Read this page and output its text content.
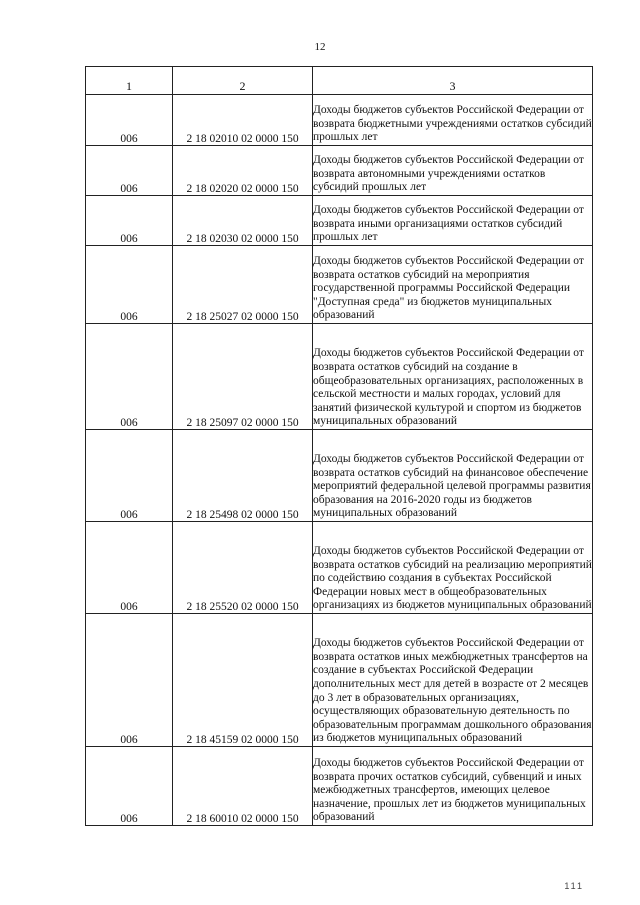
12
1	2	3
006	2 18 02010 02 0000 150	Доходы бюджетов субъектов Российской Федерации от возврата бюджетными учреждениями остатков субсидий прошлых лет
006	2 18 02020 02 0000 150	Доходы бюджетов субъектов Российской Федерации от возврата автономными учреждениями остатков субсидий прошлых лет
006	2 18 02030 02 0000 150	Доходы бюджетов субъектов Российской Федерации от возврата иными организациями остатков субсидий прошлых лет
006	2 18 25027 02 0000 150	Доходы бюджетов субъектов Российской Федерации от возврата остатков субсидий на мероприятия государственной программы Российской Федерации "Доступная среда" из бюджетов муниципальных образований
006	2 18 25097 02 0000 150	Доходы бюджетов субъектов Российской Федерации от возврата остатков субсидий на создание в общеобразовательных организациях, расположенных в сельской местности и малых городах, условий для занятий физической культурой и спортом из бюджетов муниципальных образований
006	2 18 25498 02 0000 150	Доходы бюджетов субъектов Российской Федерации от возврата остатков субсидий на финансовое обеспечение мероприятий федеральной целевой программы развития образования на 2016-2020 годы из бюджетов муниципальных образований
006	2 18 25520 02 0000 150	Доходы бюджетов субъектов Российской Федерации от возврата остатков субсидий на реализацию мероприятий по содействию создания в субъектах Российской Федерации новых мест в общеобразовательных организациях из бюджетов муниципальных образований
006	2 18 45159 02 0000 150	Доходы бюджетов субъектов Российской Федерации от возврата остатков иных межбюджетных трансфертов на создание в субъектах Российской Федерации дополнительных мест для детей в возрасте от 2 месяцев до 3 лет в образовательных организациях, осуществляющих образовательную деятельность по образовательным программам дошкольного образования из бюджетов муниципальных образований
006	2 18 60010 02 0000 150	Доходы бюджетов субъектов Российской Федерации от возврата прочих остатков субсидий, субвенций и иных межбюджетных трансфертов, имеющих целевое назначение, прошлых лет из бюджетов муниципальных образований
111
